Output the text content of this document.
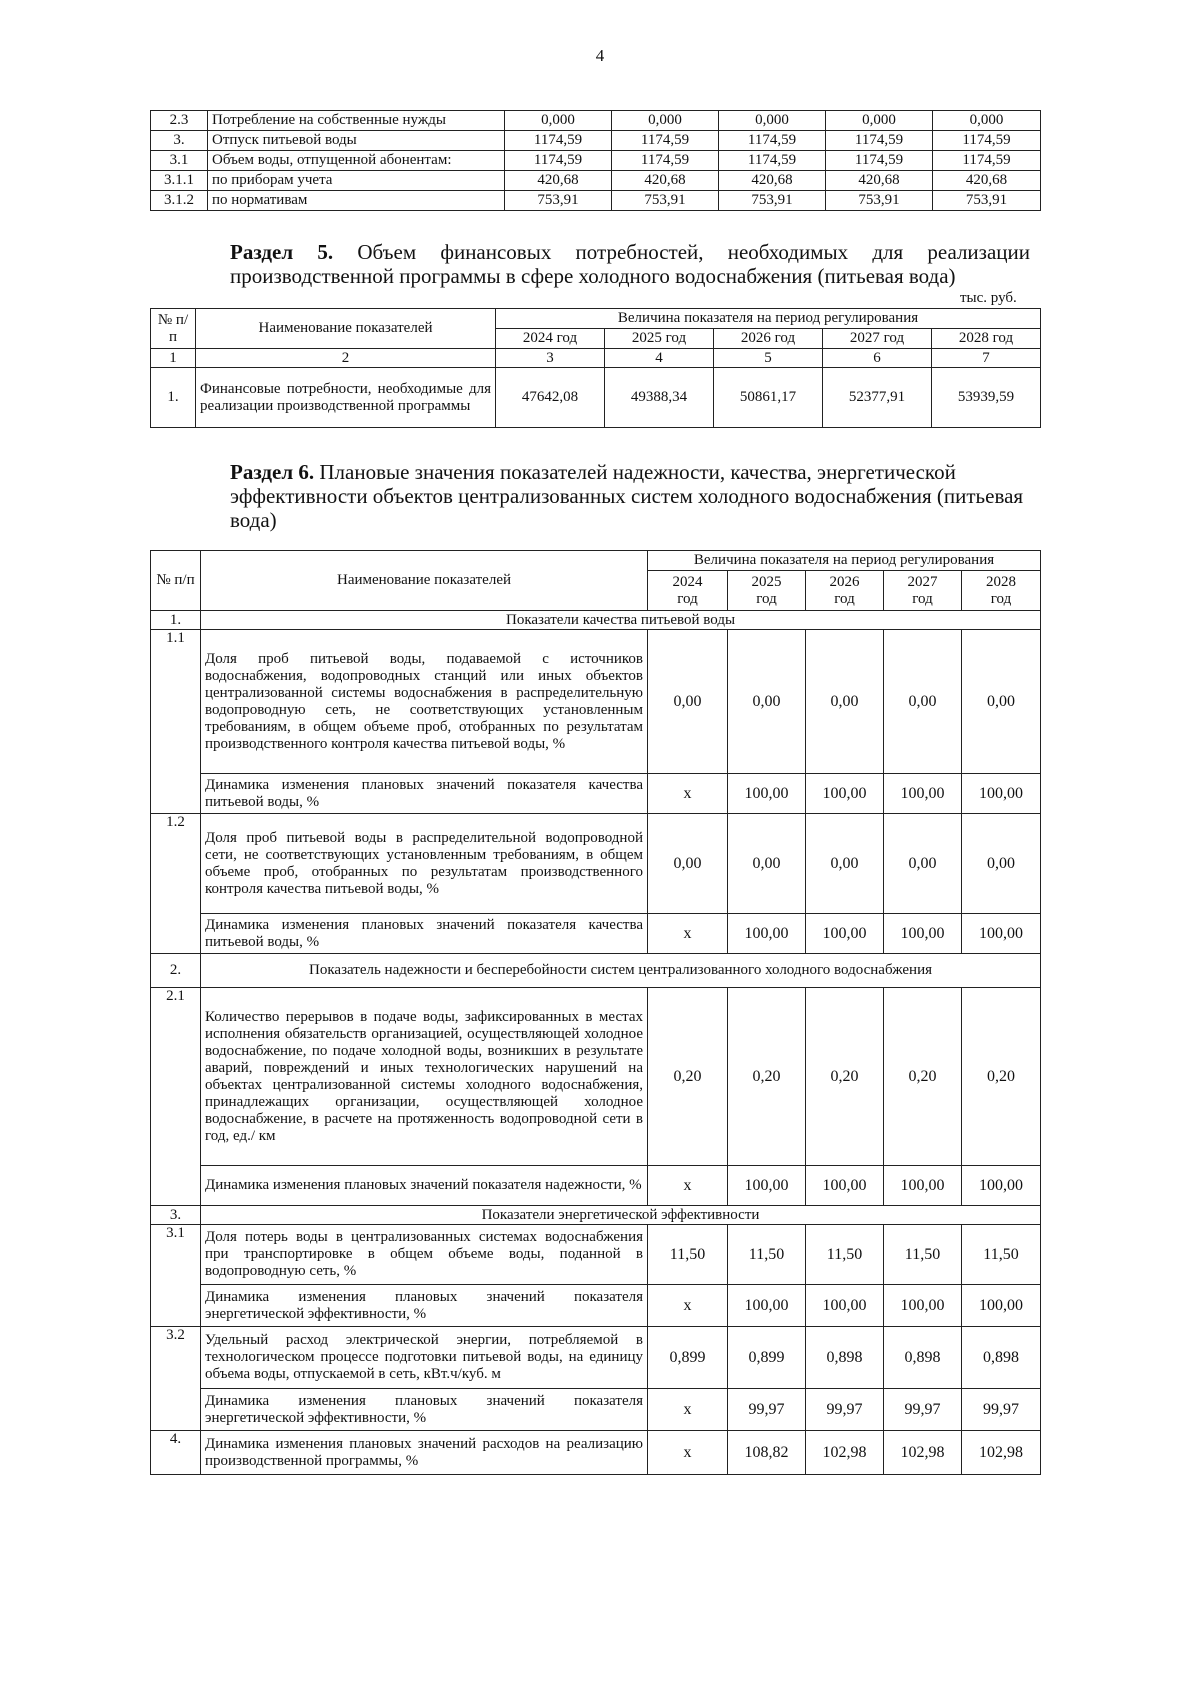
4
2.3	Потребление на собственные нужды	0,000	0,000	0,000	0,000	0,000
3.	Отпуск питьевой воды	1174,59	1174,59	1174,59	1174,59	1174,59
3.1	Объем воды, отпущенной абонентам:	1174,59	1174,59	1174,59	1174,59	1174,59
3.1.1	по приборам учета	420,68	420,68	420,68	420,68	420,68
3.1.2	по нормативам	753,91	753,91	753,91	753,91	753,91
Раздел 5. Объем финансовых потребностей, необходимых для реализации производственной программы в сфере холодного водоснабжения (питьевая вода)
тыс. руб.
№ п/п	Наименование показателей	Величина показателя на период регулирования				
		2024 год	2025 год	2026 год	2027 год	2028 год
1	2	3	4	5	6	7
1.	Финансовые потребности, необходимые для реализации производственной программы	47642,08	49388,34	50861,17	52377,91	53939,59
Раздел 6. Плановые значения показателей надежности, качества, энергетической эффективности объектов централизованных систем холодного водоснабжения (питьевая вода)
№ п/п	Наименование показателей	Величина показателя на период регулирования				
		2024 год	2025 год	2026 год	2027 год	2028 год
1.	Показатели качества питьевой воды					
1.1	Доля проб питьевой воды, подаваемой с источников водоснабжения, водопроводных станций или иных объектов централизованной системы водоснабжения в распределительную водопроводную сеть, не соответствующих установленным требованиям, в общем объеме проб, отобранных по результатам производственного контроля качества питьевой воды, %	0,00	0,00	0,00	0,00	0,00
	Динамика изменения плановых значений показателя качества питьевой воды, %	х	100,00	100,00	100,00	100,00
1.2	Доля проб питьевой воды в распределительной водопроводной сети, не соответствующих установленным требованиям, в общем объеме проб, отобранных по результатам производственного контроля качества питьевой воды, %	0,00	0,00	0,00	0,00	0,00
	Динамика изменения плановых значений показателя качества питьевой воды, %	х	100,00	100,00	100,00	100,00
2.	Показатель надежности и бесперебойности систем централизованного холодного водоснабжения					
2.1	Количество перерывов в подаче воды, зафиксированных в местах исполнения обязательств организацией, осуществляющей холодное водоснабжение, по подаче холодной воды, возникших в результате аварий, повреждений и иных технологических нарушений на объектах централизованной системы холодного водоснабжения, принадлежащих организации, осуществляющей холодное водоснабжение, в расчете на протяженность водопроводной сети в год, ед./ км	0,20	0,20	0,20	0,20	0,20
	Динамика изменения плановых значений показателя надежности, %	х	100,00	100,00	100,00	100,00
3.	Показатели энергетической эффективности					
3.1	Доля потерь воды в централизованных системах водоснабжения при транспортировке в общем объеме воды, поданной в водопроводную сеть, %	11,50	11,50	11,50	11,50	11,50
	Динамика изменения плановых значений показателя энергетической эффективности, %	х	100,00	100,00	100,00	100,00
3.2	Удельный расход электрической энергии, потребляемой в технологическом процессе подготовки питьевой воды, на единицу объема воды, отпускаемой в сеть, кВт.ч/куб. м	0,899	0,899	0,898	0,898	0,898
	Динамика изменения плановых значений показателя энергетической эффективности, %	х	99,97	99,97	99,97	99,97
4.	Динамика изменения плановых значений расходов на реализацию производственной программы, %	х	108,82	102,98	102,98	102,98
